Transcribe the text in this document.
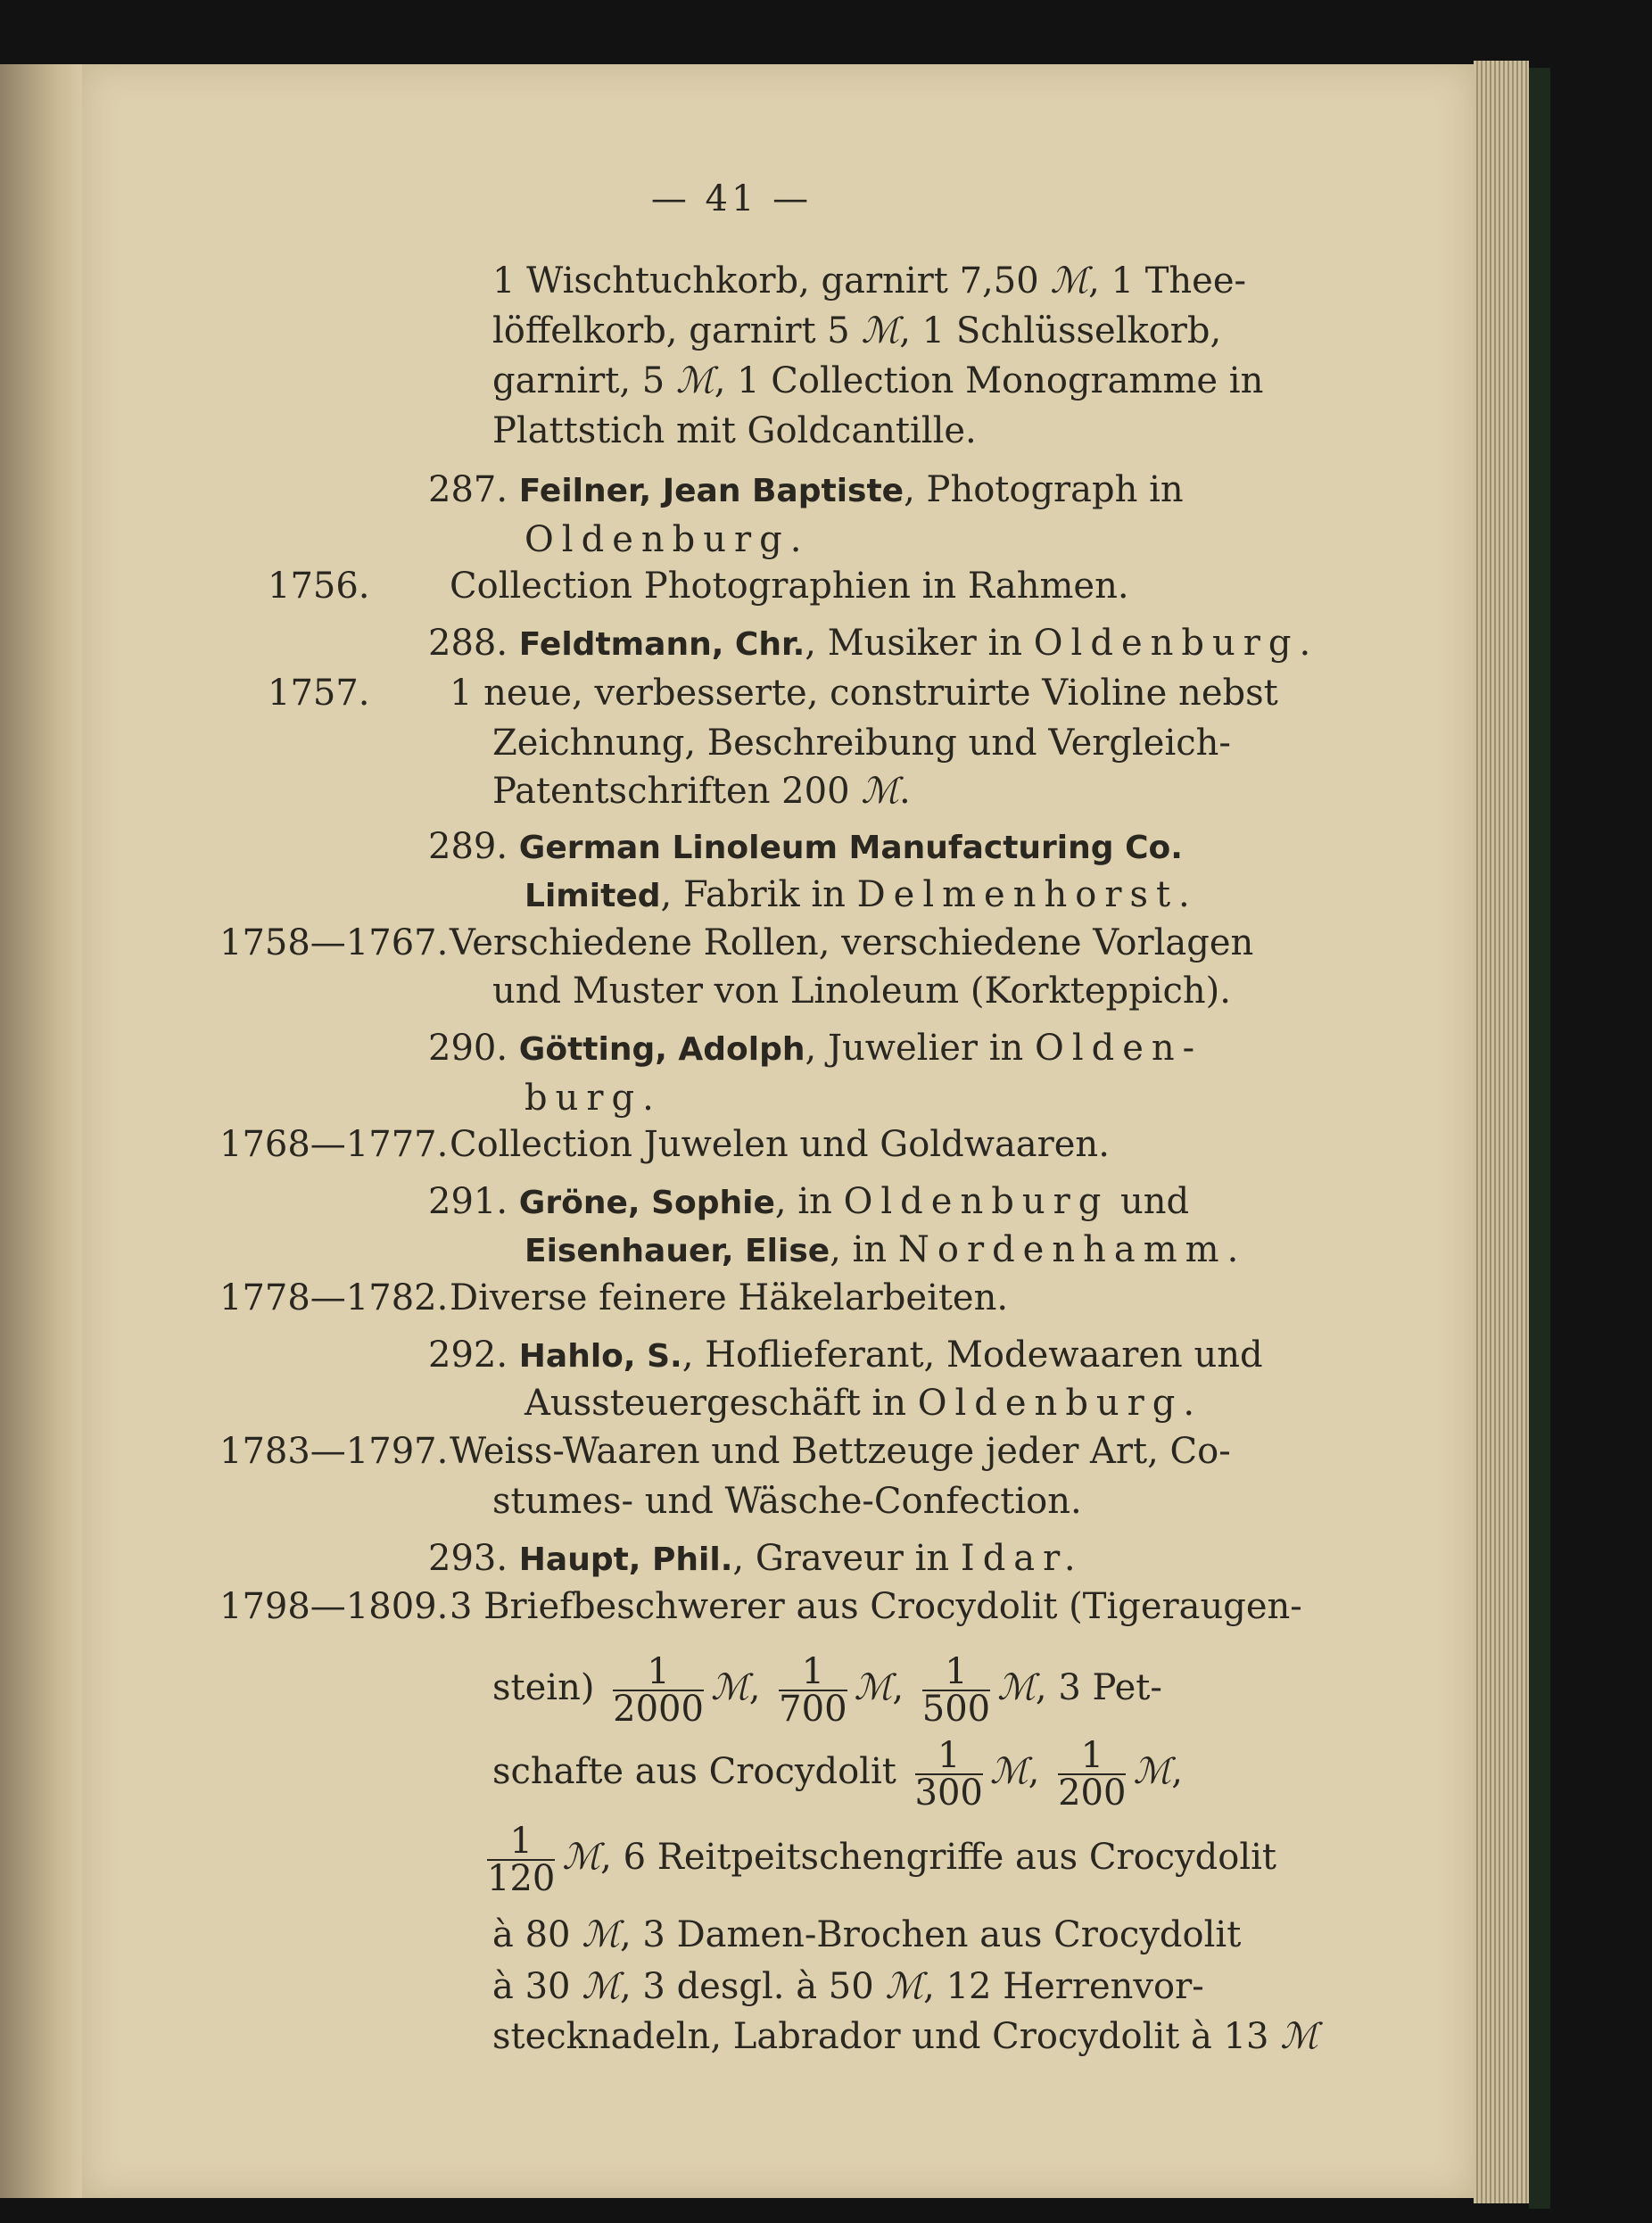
— 41 —
1 Wischtuchkorb, garnirt 7,50 ℳ, 1 Thee-
löffelkorb, garnirt 5 ℳ, 1 Schlüsselkorb,
garnirt, 5 ℳ, 1 Collection Monogramme in
Plattstich mit Goldcantille.
287. Feilner, Jean Baptiste, Photograph in
Oldenburg.
1756. Collection Photographien in Rahmen.
288. Feldtmann, Chr., Musiker in Oldenburg.
1757. 1 neue, verbesserte, construirte Violine nebst
Zeichnung, Beschreibung und Vergleich-
Patentschriften 200 ℳ.
289. German Linoleum Manufacturing Co.
Limited, Fabrik in Delmenhorst.
1758—1767. Verschiedene Rollen, verschiedene Vorlagen
und Muster von Linoleum (Korkteppich).
290. Götting, Adolph, Juwelier in Olden-
burg.
1768—1777. Collection Juwelen und Goldwaaren.
291. Gröne, Sophie, in Oldenburg und
Eisenhauer, Elise, in Nordenhamm.
1778—1782. Diverse feinere Häkelarbeiten.
292. Hahlo, S., Hoflieferant, Modewaaren und
Aussteuergeschäft in Oldenburg.
1783—1797. Weiss-Waaren und Bettzeuge jeder Art, Co-
stumes- und Wäsche-Confection.
293. Haupt, Phil., Graveur in Idar.
1798—1809. 3 Briefbeschwerer aus Crocydolit (Tigeraugen-
stein) $\frac{1}{2000}$ ℳ, $\frac{1}{700}$ ℳ, $\frac{1}{500}$ ℳ, 3 Pet-
schafte aus Crocydolit $\frac{1}{300}$ ℳ, $\frac{1}{200}$ ℳ,
$\frac{1}{120}$ ℳ, 6 Reitpeitschengriffe aus Crocydolit
à 80 ℳ, 3 Damen-Brochen aus Crocydolit
à 30 ℳ, 3 desgl. à 50 ℳ, 12 Herrenvor-
stecknadeln, Labrador und Crocydolit à 13 ℳ
